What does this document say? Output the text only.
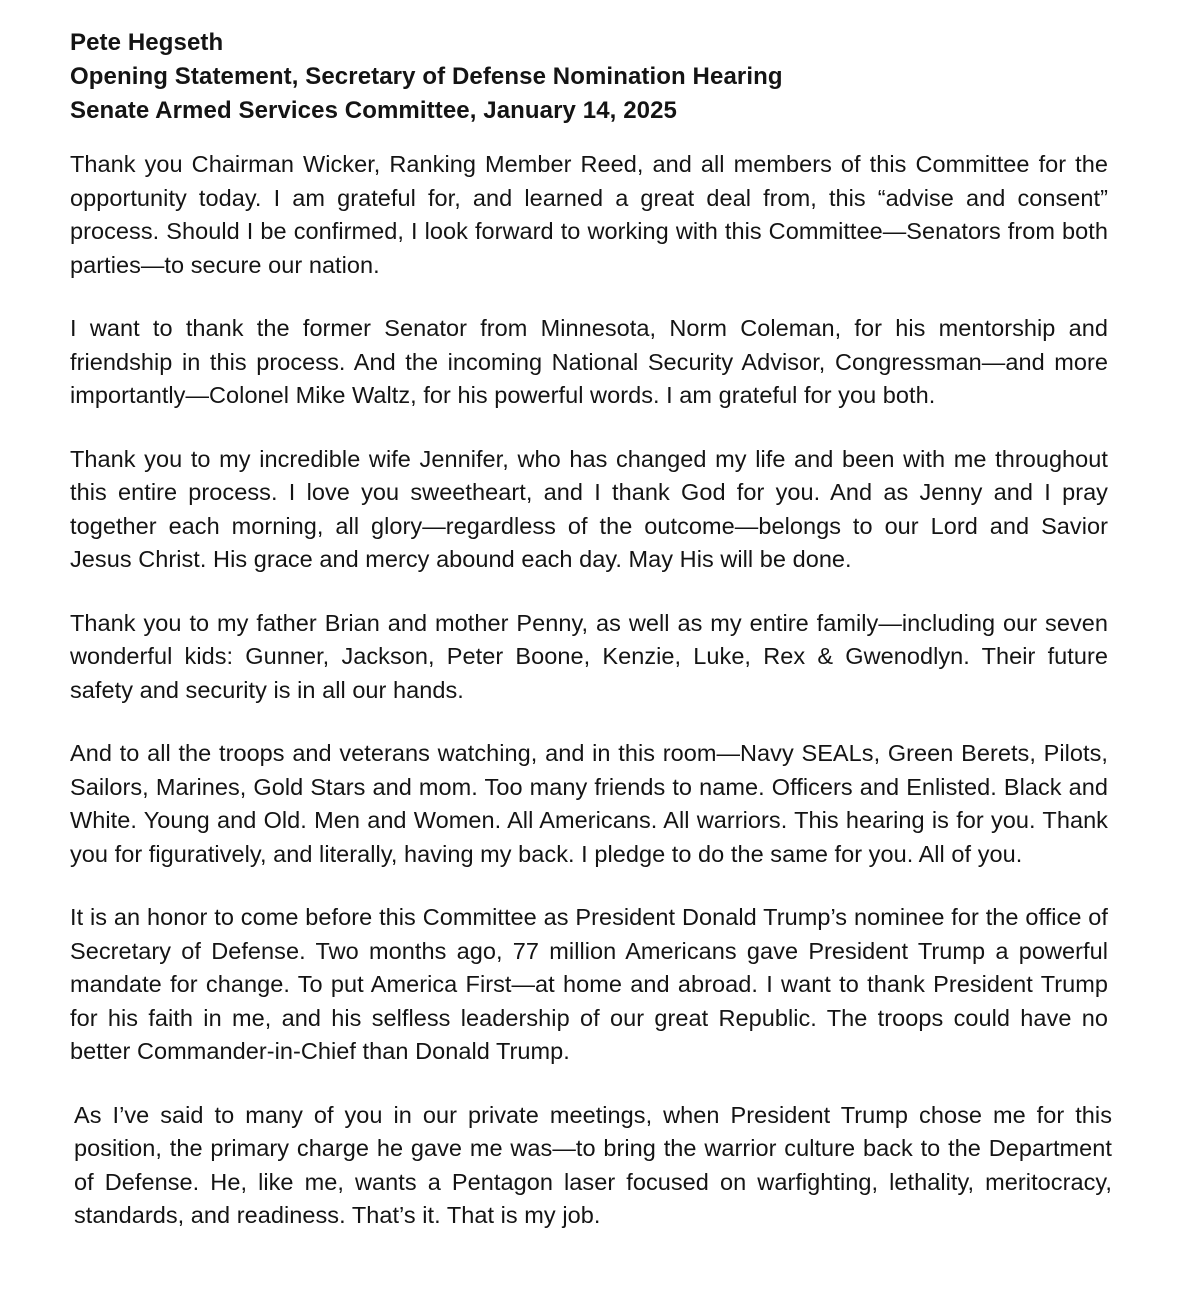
Pete Hegseth
Opening Statement, Secretary of Defense Nomination Hearing
Senate Armed Services Committee, January 14, 2025

Thank you Chairman Wicker, Ranking Member Reed, and all members of this Committee for the opportunity today. I am grateful for, and learned a great deal from, this “advise and consent” process. Should I be confirmed, I look forward to working with this Committee—Senators from both parties—to secure our nation.

I want to thank the former Senator from Minnesota, Norm Coleman, for his mentorship and friendship in this process. And the incoming National Security Advisor, Congressman—and more importantly—Colonel Mike Waltz, for his powerful words. I am grateful for you both.

Thank you to my incredible wife Jennifer, who has changed my life and been with me throughout this entire process. I love you sweetheart, and I thank God for you. And as Jenny and I pray together each morning, all glory—regardless of the outcome—belongs to our Lord and Savior Jesus Christ. His grace and mercy abound each day. May His will be done.

Thank you to my father Brian and mother Penny, as well as my entire family—including our seven wonderful kids: Gunner, Jackson, Peter Boone, Kenzie, Luke, Rex & Gwenodlyn. Their future safety and security is in all our hands.

And to all the troops and veterans watching, and in this room—Navy SEALs, Green Berets, Pilots, Sailors, Marines, Gold Stars and mom. Too many friends to name. Officers and Enlisted. Black and White. Young and Old. Men and Women. All Americans. All warriors. This hearing is for you. Thank you for figuratively, and literally, having my back. I pledge to do the same for you. All of you.

It is an honor to come before this Committee as President Donald Trump’s nominee for the office of Secretary of Defense. Two months ago, 77 million Americans gave President Trump a powerful mandate for change. To put America First—at home and abroad. I want to thank President Trump for his faith in me, and his selfless leadership of our great Republic. The troops could have no better Commander-in-Chief than Donald Trump.

As I’ve said to many of you in our private meetings, when President Trump chose me for this position, the primary charge he gave me was—to bring the warrior culture back to the Department of Defense. He, like me, wants a Pentagon laser focused on warfighting, lethality, meritocracy, standards, and readiness. That’s it. That is my job.
